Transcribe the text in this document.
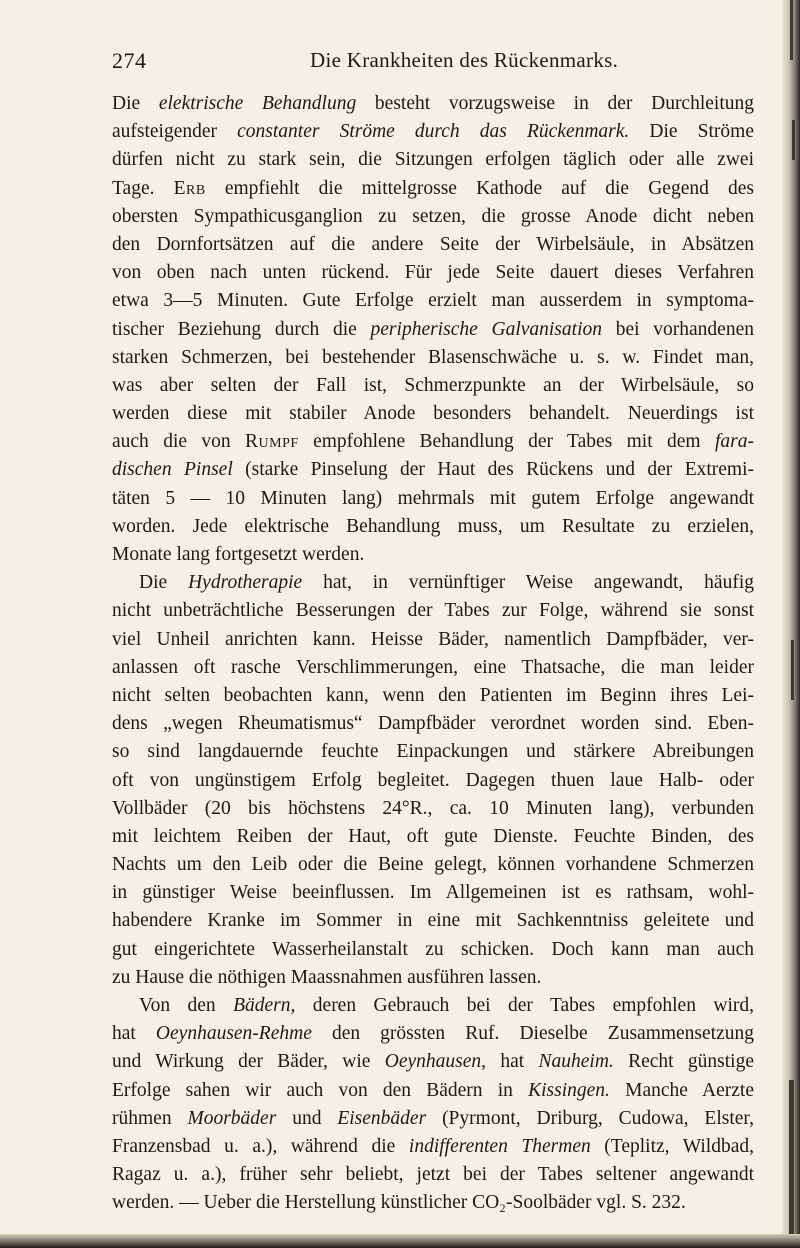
274	Die Krankheiten des Rückenmarks.
Die elektrische Behandlung besteht vorzugsweise in der Durchleitung
aufsteigender constanter Ströme durch das Rückenmark. Die Ströme
dürfen nicht zu stark sein, die Sitzungen erfolgen täglich oder alle zwei
Tage. Erb empfiehlt die mittelgrosse Kathode auf die Gegend des
obersten Sympathicusganglion zu setzen, die grosse Anode dicht neben
den Dornfortsätzen auf die andere Seite der Wirbelsäule, in Absätzen
von oben nach unten rückend. Für jede Seite dauert dieses Verfahren
etwa 3—5 Minuten. Gute Erfolge erzielt man ausserdem in symptoma-
tischer Beziehung durch die peripherische Galvanisation bei vorhandenen
starken Schmerzen, bei bestehender Blasenschwäche u. s. w. Findet man,
was aber selten der Fall ist, Schmerzpunkte an der Wirbelsäule, so
werden diese mit stabiler Anode besonders behandelt. Neuerdings ist
auch die von Rumpf empfohlene Behandlung der Tabes mit dem fara-
dischen Pinsel (starke Pinselung der Haut des Rückens und der Extremi-
täten 5 — 10 Minuten lang) mehrmals mit gutem Erfolge angewandt
worden. Jede elektrische Behandlung muss, um Resultate zu erzielen,
Monate lang fortgesetzt werden.
Die Hydrotherapie hat, in vernünftiger Weise angewandt, häufig
nicht unbeträchtliche Besserungen der Tabes zur Folge, während sie sonst
viel Unheil anrichten kann. Heisse Bäder, namentlich Dampfbäder, ver-
anlassen oft rasche Verschlimmerungen, eine Thatsache, die man leider
nicht selten beobachten kann, wenn den Patienten im Beginn ihres Lei-
dens „wegen Rheumatismus“ Dampfbäder verordnet worden sind. Eben-
so sind langdauernde feuchte Einpackungen und stärkere Abreibungen
oft von ungünstigem Erfolg begleitet. Dagegen thuen laue Halb- oder
Vollbäder (20 bis höchstens 24°R., ca. 10 Minuten lang), verbunden
mit leichtem Reiben der Haut, oft gute Dienste. Feuchte Binden, des
Nachts um den Leib oder die Beine gelegt, können vorhandene Schmerzen
in günstiger Weise beeinflussen. Im Allgemeinen ist es rathsam, wohl-
habendere Kranke im Sommer in eine mit Sachkenntniss geleitete und
gut eingerichtete Wasserheilanstalt zu schicken. Doch kann man auch
zu Hause die nöthigen Maassnahmen ausführen lassen.
Von den Bädern, deren Gebrauch bei der Tabes empfohlen wird,
hat Oeynhausen-Rehme den grössten Ruf. Dieselbe Zusammensetzung
und Wirkung der Bäder, wie Oeynhausen, hat Nauheim. Recht günstige
Erfolge sahen wir auch von den Bädern in Kissingen. Manche Aerzte
rühmen Moorbäder und Eisenbäder (Pyrmont, Driburg, Cudowa, Elster,
Franzensbad u. a.), während die indifferenten Thermen (Teplitz, Wildbad,
Ragaz u. a.), früher sehr beliebt, jetzt bei der Tabes seltener angewandt
werden. — Ueber die Herstellung künstlicher CO₂-Soolbäder vgl. S. 232.
